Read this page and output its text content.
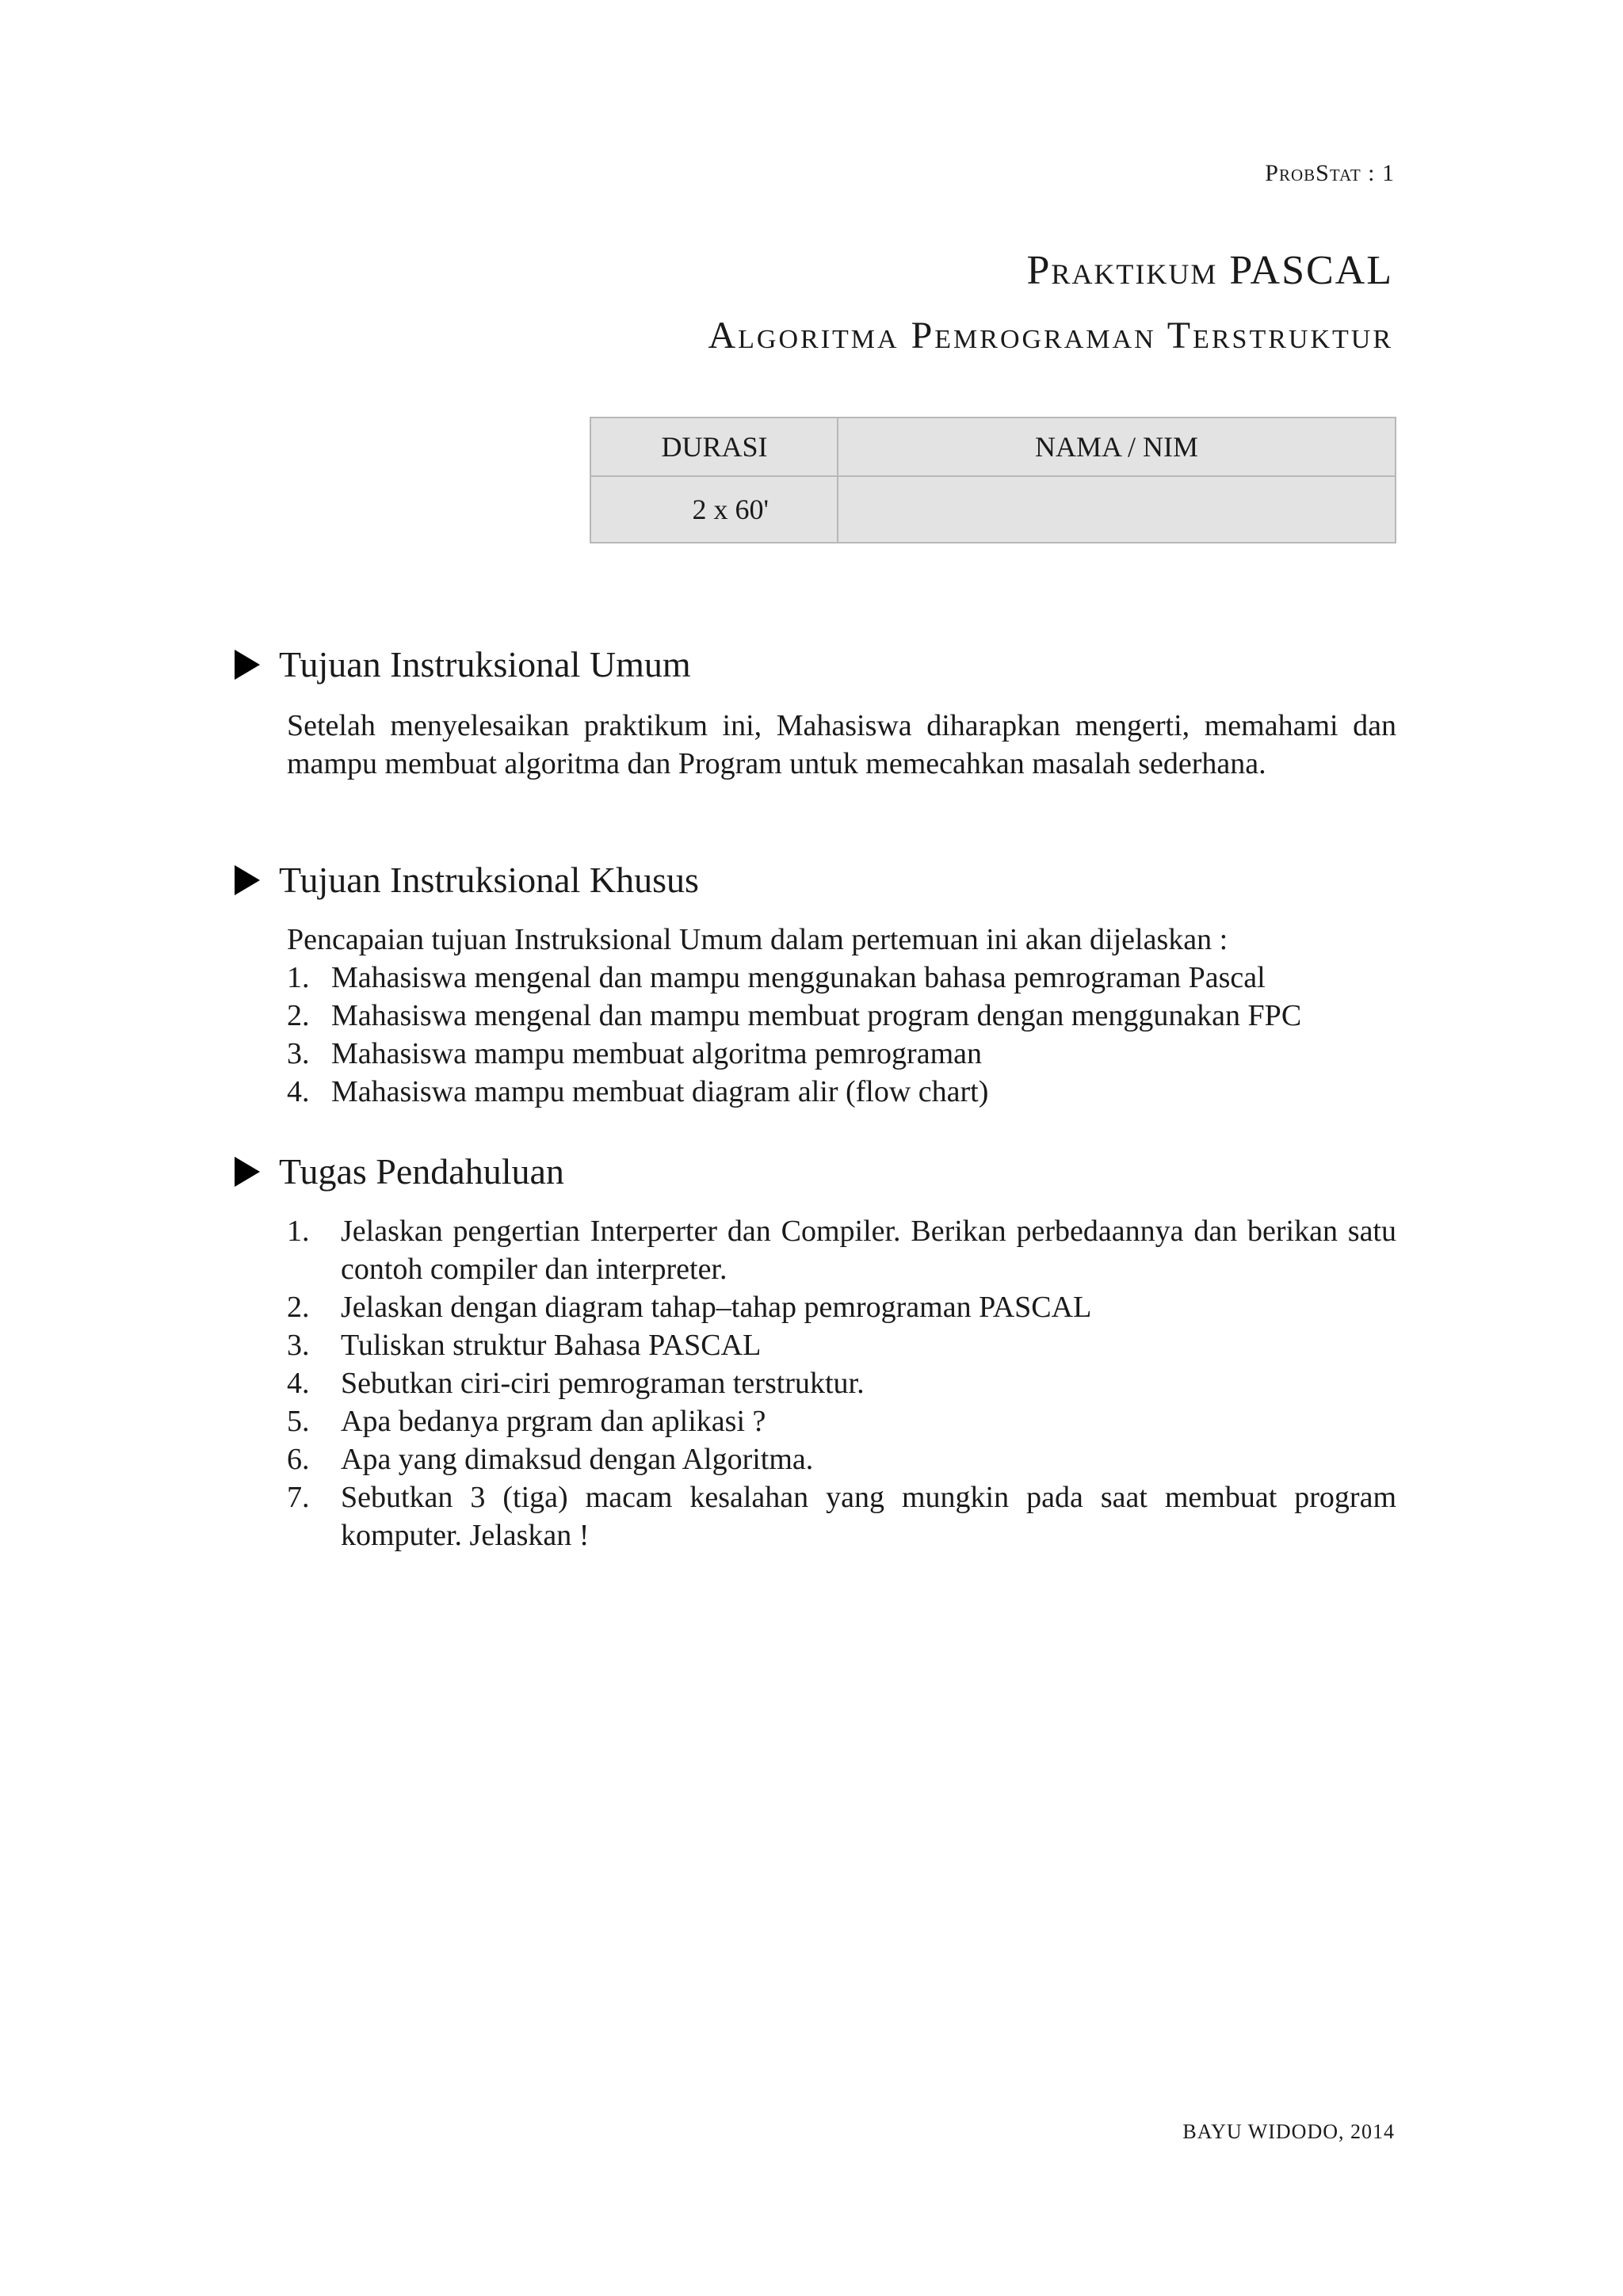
ProbStat : 1
Praktikum PASCAL
Algoritma Pemrograman Terstruktur
DURASI	NAMA / NIM
2 x 60'	
Tujuan Instruksional Umum
Setelah menyelesaikan praktikum ini, Mahasiswa diharapkan mengerti, memahami dan mampu membuat algoritma dan Program untuk memecahkan masalah sederhana.
Tujuan Instruksional Khusus
Pencapaian tujuan Instruksional Umum dalam pertemuan ini akan dijelaskan :
1. Mahasiswa mengenal dan mampu menggunakan bahasa pemrograman Pascal
2. Mahasiswa mengenal dan mampu membuat program dengan menggunakan FPC
3. Mahasiswa mampu membuat algoritma pemrograman
4. Mahasiswa mampu membuat diagram alir (flow chart)
Tugas Pendahuluan
1.	Jelaskan pengertian Interperter dan Compiler. Berikan perbedaannya dan berikan satu contoh compiler dan interpreter.
2.	Jelaskan dengan diagram tahap–tahap pemrograman PASCAL
3.	Tuliskan struktur Bahasa PASCAL
4.	Sebutkan ciri-ciri pemrograman terstruktur.
5.	Apa bedanya prgram dan aplikasi ?
6.	Apa yang dimaksud dengan Algoritma.
7.	Sebutkan 3 (tiga) macam kesalahan yang mungkin pada saat membuat program komputer. Jelaskan !
BAYU WIDODO, 2014
